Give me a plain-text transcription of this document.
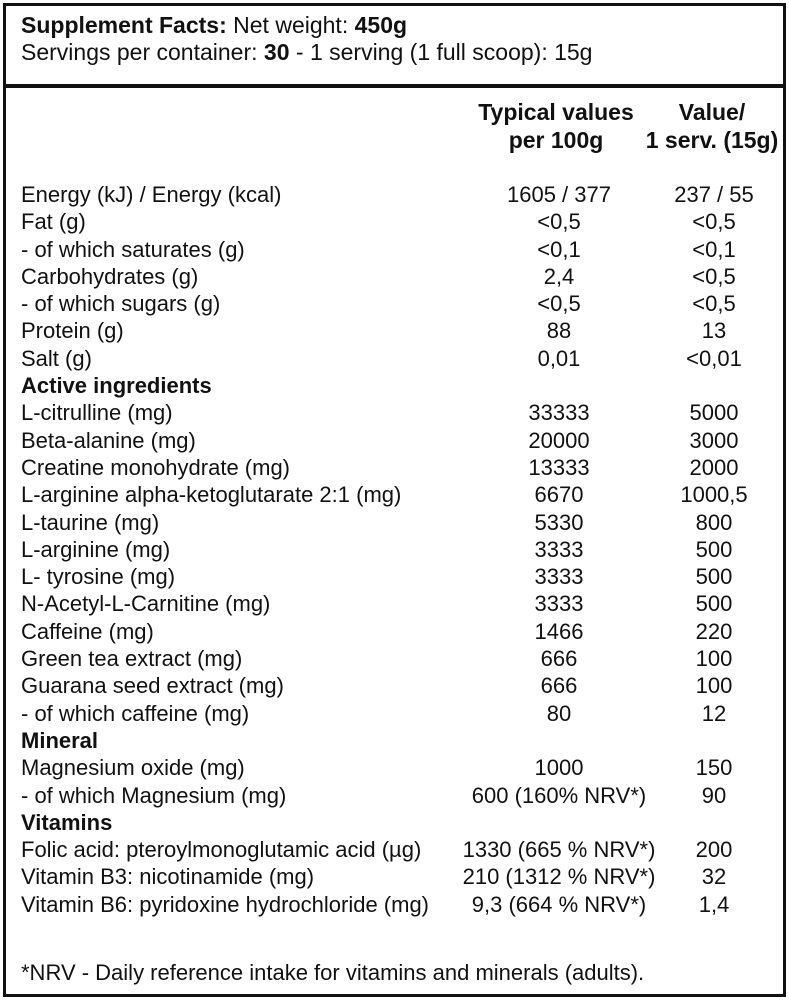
Supplement Facts: Net weight: 450g
Servings per container: 30 - 1 serving (1 full scoop): 15g
Typical values
per 100g
Value/
1 serv. (15g)
Energy (kJ) / Energy (kcal)	1605 / 377	237 / 55
Fat (g)	<0,5	<0,5
- of which saturates (g)	<0,1	<0,1
Carbohydrates (g)	2,4	<0,5
- of which sugars (g)	<0,5	<0,5
Protein (g)	88	13
Salt (g)	0,01	<0,01
Active ingredients
L-citrulline (mg)	33333	5000
Beta-alanine (mg)	20000	3000
Creatine monohydrate (mg)	13333	2000
L-arginine alpha-ketoglutarate 2:1 (mg)	6670	1000,5
L-taurine (mg)	5330	800
L-arginine (mg)	3333	500
L- tyrosine (mg)	3333	500
N-Acetyl-L-Carnitine (mg)	3333	500
Caffeine (mg)	1466	220
Green tea extract (mg)	666	100
Guarana seed extract (mg)	666	100
- of which caffeine (mg)	80	12
Mineral
Magnesium oxide (mg)	1000	150
- of which Magnesium (mg)	600 (160% NRV*)	90
Vitamins
Folic acid: pteroylmonoglutamic acid (µg) 1330 (665 % NRV*)	200
Vitamin B3: nicotinamide (mg)	210 (1312 % NRV*)	32
Vitamin B6: pyridoxine hydrochloride (mg)	9,3 (664 % NRV*)	1,4
*NRV - Daily reference intake for vitamins and minerals (adults).
